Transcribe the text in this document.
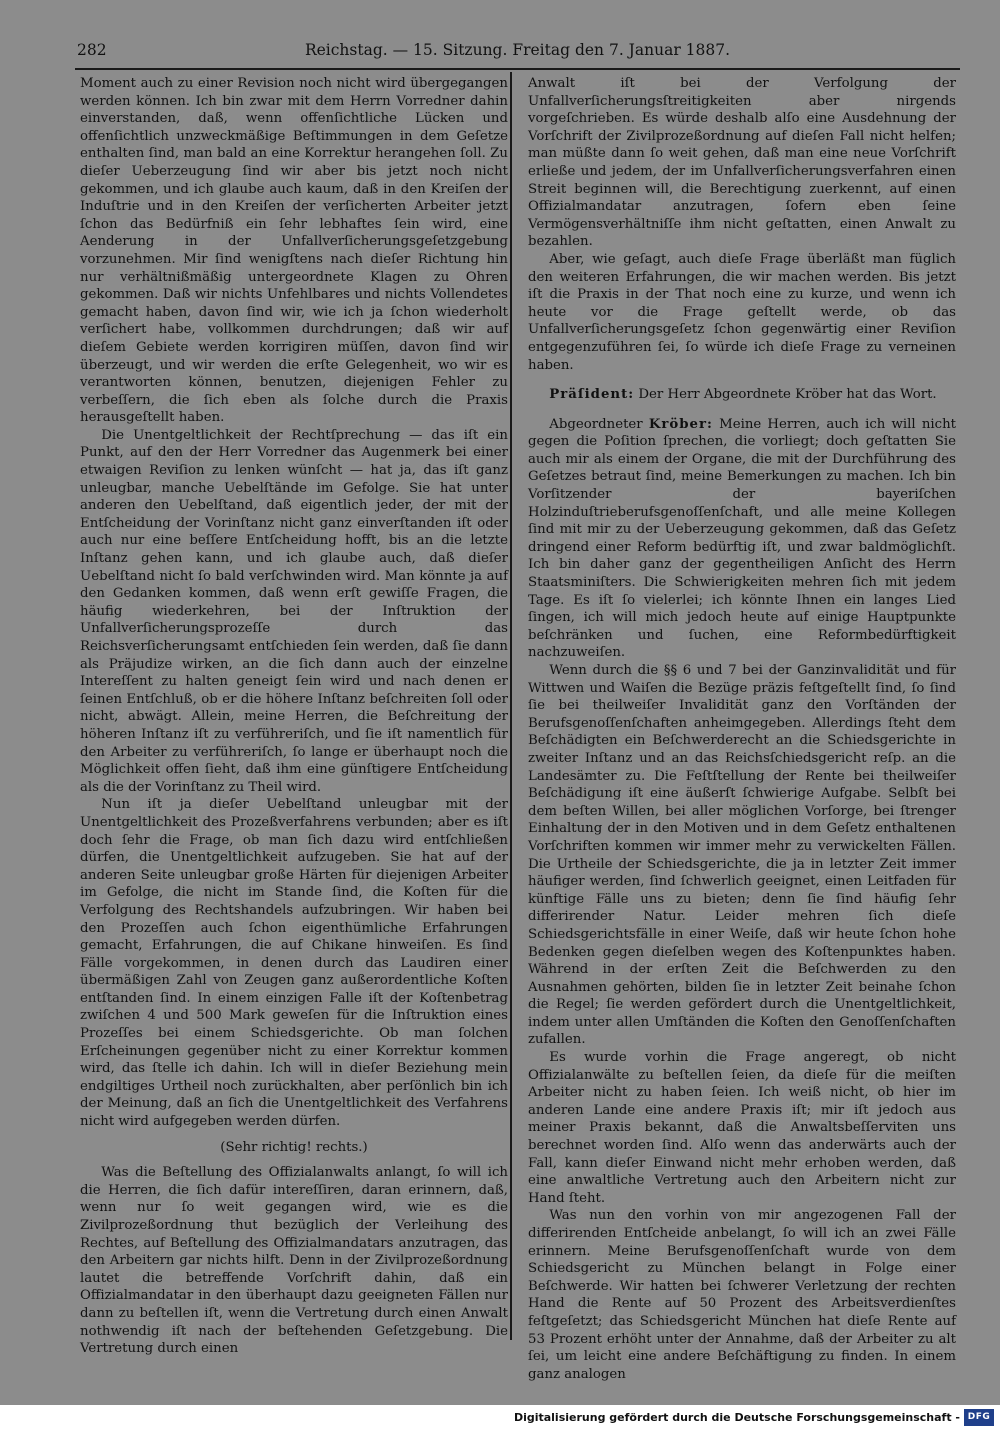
282	Reichstag. — 15. Sitzung. Freitag den 7. Januar 1887.

Moment auch zu einer Revision noch nicht wird übergegangen werden können. Ich bin zwar mit dem Herrn Vorredner dahin einverstanden, daß, wenn offenſichtliche Lücken und offenſichtlich unzweckmäßige Beſtimmungen in dem Geſetze enthalten ſind, man bald an eine Korrektur herangehen ſoll. Zu dieſer Ueberzeugung ſind wir aber bis jetzt noch nicht gekommen, und ich glaube auch kaum, daß in den Kreiſen der Induſtrie und in den Kreiſen der verſicherten Arbeiter jetzt ſchon das Bedürfniß ein ſehr lebhaftes ſein wird, eine Aenderung in der Unfallverſicherungsgeſetzgebung vorzunehmen. Mir ſind wenigſtens nach dieſer Richtung hin nur verhältnißmäßig untergeordnete Klagen zu Ohren gekommen. Daß wir nichts Unfehlbares und nichts Vollendetes gemacht haben, davon ſind wir, wie ich ja ſchon wiederholt verſichert habe, vollkommen durchdrungen; daß wir auf dieſem Gebiete werden korrigiren müſſen, davon ſind wir überzeugt, und wir werden die erſte Gelegenheit, wo wir es verantworten können, benutzen, diejenigen Fehler zu verbeſſern, die ſich eben als ſolche durch die Praxis herausgeſtellt haben.

Die Unentgeltlichkeit der Rechtſprechung — das iſt ein Punkt, auf den der Herr Vorredner das Augenmerk bei einer etwaigen Reviſion zu lenken wünſcht — hat ja, das iſt ganz unleugbar, manche Uebelſtände im Gefolge. Sie hat unter anderen den Uebelſtand, daß eigentlich jeder, der mit der Entſcheidung der Vorinſtanz nicht ganz einverſtanden iſt oder auch nur eine beſſere Entſcheidung hofft, bis an die letzte Inſtanz gehen kann, und ich glaube auch, daß dieſer Uebelſtand nicht ſo bald verſchwinden wird. Man könnte ja auf den Gedanken kommen, daß wenn erſt gewiſſe Fragen, die häufig wiederkehren, bei der Inſtruktion der Unfallverſicherungsprozeſſe durch das Reichsverſicherungsamt entſchieden ſein werden, daß ſie dann als Präjudize wirken, an die ſich dann auch der einzelne Intereſſent zu halten geneigt ſein wird und nach denen er ſeinen Entſchluß, ob er die höhere Inſtanz beſchreiten ſoll oder nicht, abwägt. Allein, meine Herren, die Beſchreitung der höheren Inſtanz iſt zu verführeriſch, und ſie iſt namentlich für den Arbeiter zu verführeriſch, ſo lange er überhaupt noch die Möglichkeit offen ſieht, daß ihm eine günſtigere Entſcheidung als die der Vorinſtanz zu Theil wird.

Nun iſt ja dieſer Uebelſtand unleugbar mit der Unentgeltlichkeit des Prozeßverfahrens verbunden; aber es iſt doch ſehr die Frage, ob man ſich dazu wird entſchließen dürfen, die Unentgeltlichkeit aufzugeben. Sie hat auf der anderen Seite unleugbar große Härten für diejenigen Arbeiter im Gefolge, die nicht im Stande ſind, die Koſten für die Verfolgung des Rechtshandels aufzubringen. Wir haben bei den Prozeſſen auch ſchon eigenthümliche Erfahrungen gemacht, Erfahrungen, die auf Chikane hinweiſen. Es ſind Fälle vorgekommen, in denen durch das Laudiren einer übermäßigen Zahl von Zeugen ganz außerordentliche Koſten entſtanden ſind. In einem einzigen Falle iſt der Koſtenbetrag zwiſchen 4 und 500 Mark geweſen für die Inſtruktion eines Prozeſſes bei einem Schiedsgerichte. Ob man ſolchen Erſcheinungen gegenüber nicht zu einer Korrektur kommen wird, das ſtelle ich dahin. Ich will in dieſer Beziehung mein endgiltiges Urtheil noch zurückhalten, aber perſönlich bin ich der Meinung, daß an ſich die Unentgeltlichkeit des Verfahrens nicht wird aufgegeben werden dürfen.

(Sehr richtig! rechts.)

Was die Beſtellung des Offizialanwalts anlangt, ſo will ich die Herren, die ſich dafür intereſſiren, daran erinnern, daß, wenn nur ſo weit gegangen wird, wie es die Zivilprozeßordnung thut bezüglich der Verleihung des Rechtes, auf Beſtellung des Offizialmandatars anzutragen, das den Arbeitern gar nichts hilft. Denn in der Zivilprozeßordnung lautet die betreffende Vorſchrift dahin, daß ein Offizialmandatar in den überhaupt dazu geeigneten Fällen nur dann zu beſtellen iſt, wenn die Vertretung durch einen Anwalt nothwendig iſt nach der beſtehenden Geſetzgebung. Die Vertretung durch einen

Anwalt iſt bei der Verfolgung der Unfallverſicherungsſtreitigkeiten aber nirgends vorgeſchrieben. Es würde deshalb alſo eine Ausdehnung der Vorſchrift der Zivilprozeßordnung auf dieſen Fall nicht helfen; man müßte dann ſo weit gehen, daß man eine neue Vorſchrift erließe und jedem, der im Unfallverſicherungsverfahren einen Streit beginnen will, die Berechtigung zuerkennt, auf einen Offizialmandatar anzutragen, ſofern eben ſeine Vermögensverhältniſſe ihm nicht geſtatten, einen Anwalt zu bezahlen.

Aber, wie geſagt, auch dieſe Frage überläßt man füglich den weiteren Erfahrungen, die wir machen werden. Bis jetzt iſt die Praxis in der That noch eine zu kurze, und wenn ich heute vor die Frage geſtellt werde, ob das Unfallverſicherungsgeſetz ſchon gegenwärtig einer Reviſion entgegenzuführen ſei, ſo würde ich dieſe Frage zu verneinen haben.

Präſident: Der Herr Abgeordnete Kröber hat das Wort.

Abgeordneter Kröber: Meine Herren, auch ich will nicht gegen die Poſition ſprechen, die vorliegt; doch geſtatten Sie auch mir als einem der Organe, die mit der Durchführung des Geſetzes betraut ſind, meine Bemerkungen zu machen. Ich bin Vorſitzender der bayeriſchen Holzinduſtrieberufsgenoſſenſchaft, und alle meine Kollegen ſind mit mir zu der Ueberzeugung gekommen, daß das Geſetz dringend einer Reform bedürftig iſt, und zwar baldmöglichſt. Ich bin daher ganz der gegentheiligen Anſicht des Herrn Staatsminiſters. Die Schwierigkeiten mehren ſich mit jedem Tage. Es iſt ſo vielerlei; ich könnte Ihnen ein langes Lied ſingen, ich will mich jedoch heute auf einige Hauptpunkte beſchränken und ſuchen, eine Reformbedürftigkeit nachzuweiſen.

Wenn durch die §§ 6 und 7 bei der Ganzinvalidität und für Wittwen und Waiſen die Bezüge präzis feſtgeſtellt ſind, ſo ſind ſie bei theilweiſer Invalidität ganz den Vorſtänden der Berufsgenoſſenſchaften anheimgegeben. Allerdings ſteht dem Beſchädigten ein Beſchwerderecht an die Schiedsgerichte in zweiter Inſtanz und an das Reichsſchiedsgericht reſp. an die Landesämter zu. Die Feſtſtellung der Rente bei theilweiſer Beſchädigung iſt eine äußerſt ſchwierige Aufgabe. Selbſt bei dem beſten Willen, bei aller möglichen Vorſorge, bei ſtrenger Einhaltung der in den Motiven und in dem Geſetz enthaltenen Vorſchriften kommen wir immer mehr zu verwickelten Fällen. Die Urtheile der Schiedsgerichte, die ja in letzter Zeit immer häufiger werden, ſind ſchwerlich geeignet, einen Leitfaden für künftige Fälle uns zu bieten; denn ſie ſind häufig ſehr differirender Natur. Leider mehren ſich dieſe Schiedsgerichtsfälle in einer Weiſe, daß wir heute ſchon hohe Bedenken gegen dieſelben wegen des Koſtenpunktes haben. Während in der erſten Zeit die Beſchwerden zu den Ausnahmen gehörten, bilden ſie in letzter Zeit beinahe ſchon die Regel; ſie werden gefördert durch die Unentgeltlichkeit, indem unter allen Umſtänden die Koſten den Genoſſenſchaften zufallen.

Es wurde vorhin die Frage angeregt, ob nicht Offizialanwälte zu beſtellen ſeien, da dieſe für die meiſten Arbeiter nicht zu haben ſeien. Ich weiß nicht, ob hier im anderen Lande eine andere Praxis iſt; mir iſt jedoch aus meiner Praxis bekannt, daß die Anwaltsbeſſerviten uns berechnet worden ſind. Alſo wenn das anderwärts auch der Fall, kann dieſer Einwand nicht mehr erhoben werden, daß eine anwaltliche Vertretung auch den Arbeitern nicht zur Hand ſteht.

Was nun den vorhin von mir angezogenen Fall der differirenden Entſcheide anbelangt, ſo will ich an zwei Fälle erinnern. Meine Berufsgenoſſenſchaft wurde von dem Schiedsgericht zu München belangt in Folge einer Beſchwerde. Wir hatten bei ſchwerer Verletzung der rechten Hand die Rente auf 50 Prozent des Arbeitsverdienſtes feſtgeſetzt; das Schiedsgericht München hat dieſe Rente auf 53 Prozent erhöht unter der Annahme, daß der Arbeiter zu alt ſei, um leicht eine andere Beſchäftigung zu finden. In einem ganz analogen

Digitalisierung gefördert durch die Deutsche Forschungsgemeinschaft - DFG
